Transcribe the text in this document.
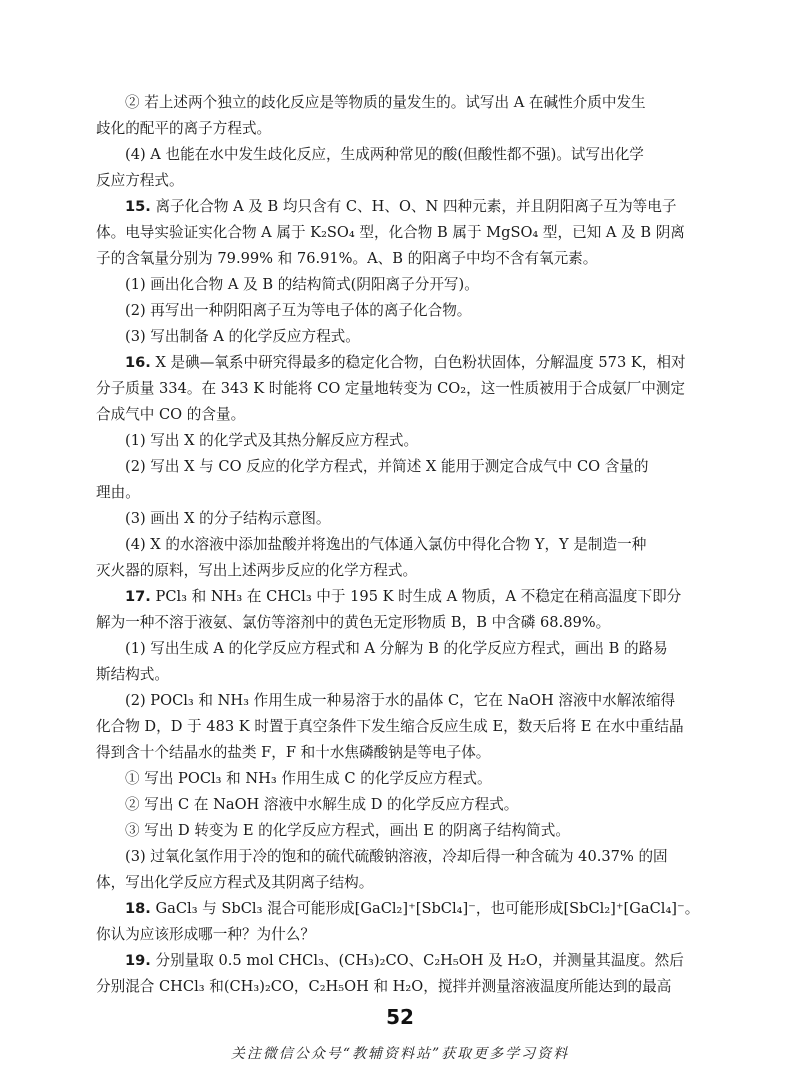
② 若上述两个独立的歧化反应是等物质的量发生的。试写出 A 在碱性介质中发生
歧化的配平的离子方程式。
(4) A 也能在水中发生歧化反应，生成两种常见的酸(但酸性都不强)。试写出化学
反应方程式。
15. 离子化合物 A 及 B 均只含有 C、H、O、N 四种元素，并且阴阳离子互为等电子
体。电导实验证实化合物 A 属于 K₂SO₄ 型，化合物 B 属于 MgSO₄ 型，已知 A 及 B 阴离
子的含氧量分别为 79.99% 和 76.91%。A、B 的阳离子中均不含有氧元素。
(1) 画出化合物 A 及 B 的结构简式(阴阳离子分开写)。
(2) 再写出一种阴阳离子互为等电子体的离子化合物。
(3) 写出制备 A 的化学反应方程式。
16. X 是碘—氧系中研究得最多的稳定化合物，白色粉状固体，分解温度 573 K，相对
分子质量 334。在 343 K 时能将 CO 定量地转变为 CO₂，这一性质被用于合成氨厂中测定
合成气中 CO 的含量。
(1) 写出 X 的化学式及其热分解反应方程式。
(2) 写出 X 与 CO 反应的化学方程式，并简述 X 能用于测定合成气中 CO 含量的
理由。
(3) 画出 X 的分子结构示意图。
(4) X 的水溶液中添加盐酸并将逸出的气体通入氯仿中得化合物 Y，Y 是制造一种
灭火器的原料，写出上述两步反应的化学方程式。
17. PCl₃ 和 NH₃ 在 CHCl₃ 中于 195 K 时生成 A 物质，A 不稳定在稍高温度下即分
解为一种不溶于液氨、氯仿等溶剂中的黄色无定形物质 B，B 中含磷 68.89%。
(1) 写出生成 A 的化学反应方程式和 A 分解为 B 的化学反应方程式，画出 B 的路易
斯结构式。
(2) POCl₃ 和 NH₃ 作用生成一种易溶于水的晶体 C，它在 NaOH 溶液中水解浓缩得
化合物 D，D 于 483 K 时置于真空条件下发生缩合反应生成 E，数天后将 E 在水中重结晶
得到含十个结晶水的盐类 F，F 和十水焦磷酸钠是等电子体。
① 写出 POCl₃ 和 NH₃ 作用生成 C 的化学反应方程式。
② 写出 C 在 NaOH 溶液中水解生成 D 的化学反应方程式。
③ 写出 D 转变为 E 的化学反应方程式，画出 E 的阴离子结构简式。
(3) 过氧化氢作用于冷的饱和的硫代硫酸钠溶液，冷却后得一种含硫为 40.37% 的固
体，写出化学反应方程式及其阴离子结构。
18. GaCl₃ 与 SbCl₃ 混合可能形成[GaCl₂]⁺[SbCl₄]⁻，也可能形成[SbCl₂]⁺[GaCl₄]⁻。
你认为应该形成哪一种？为什么？
19. 分别量取 0.5 mol CHCl₃、(CH₃)₂CO、C₂H₅OH 及 H₂O，并测量其温度。然后
分别混合 CHCl₃ 和(CH₃)₂CO，C₂H₅OH 和 H₂O，搅拌并测量溶液温度所能达到的最高
52
关注微信公众号“教辅资料站”获取更多学习资料
